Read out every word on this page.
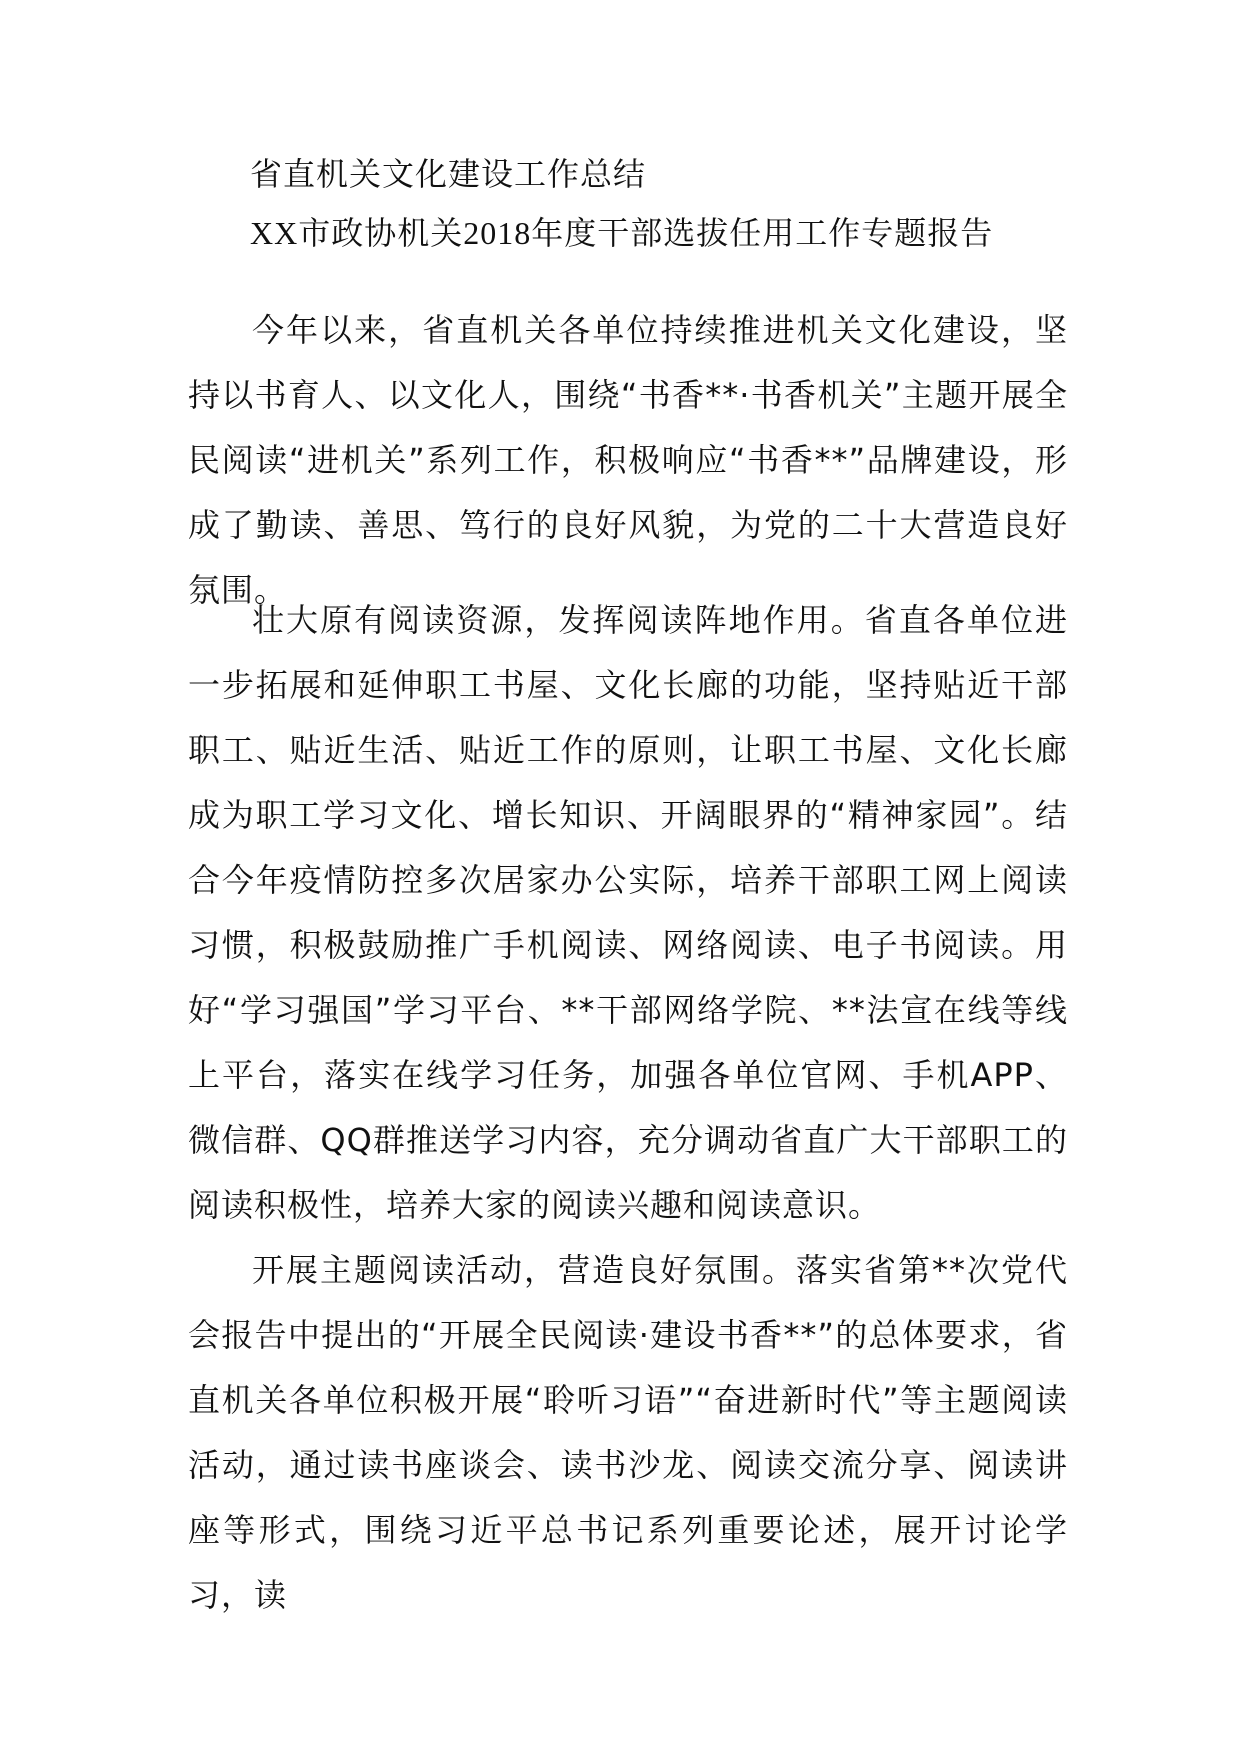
省直机关文化建设工作总结
XX市政协机关2018年度干部选拔任用工作专题报告

今年以来，省直机关各单位持续推进机关文化建设，坚持以书育人、以文化人，围绕“书香**·书香机关”主题开展全民阅读“进机关”系列工作，积极响应“书香**”品牌建设，形成了勤读、善思、笃行的良好风貌，为党的二十大营造良好氛围。

壮大原有阅读资源，发挥阅读阵地作用。省直各单位进一步拓展和延伸职工书屋、文化长廊的功能，坚持贴近干部职工、贴近生活、贴近工作的原则，让职工书屋、文化长廊成为职工学习文化、增长知识、开阔眼界的“精神家园”。结合今年疫情防控多次居家办公实际，培养干部职工网上阅读习惯，积极鼓励推广手机阅读、网络阅读、电子书阅读。用好“学习强国”学习平台、**干部网络学院、**法宣在线等线上平台，落实在线学习任务，加强各单位官网、手机APP、微信群、QQ群推送学习内容，充分调动省直广大干部职工的阅读积极性，培养大家的阅读兴趣和阅读意识。

开展主题阅读活动，营造良好氛围。落实省第**次党代会报告中提出的“开展全民阅读·建设书香**”的总体要求，省直机关各单位积极开展“聆听习语”“奋进新时代”等主题阅读活动，通过读书座谈会、读书沙龙、阅读交流分享、阅读讲座等形式，围绕习近平总书记系列重要论述，展开讨论学习，读
